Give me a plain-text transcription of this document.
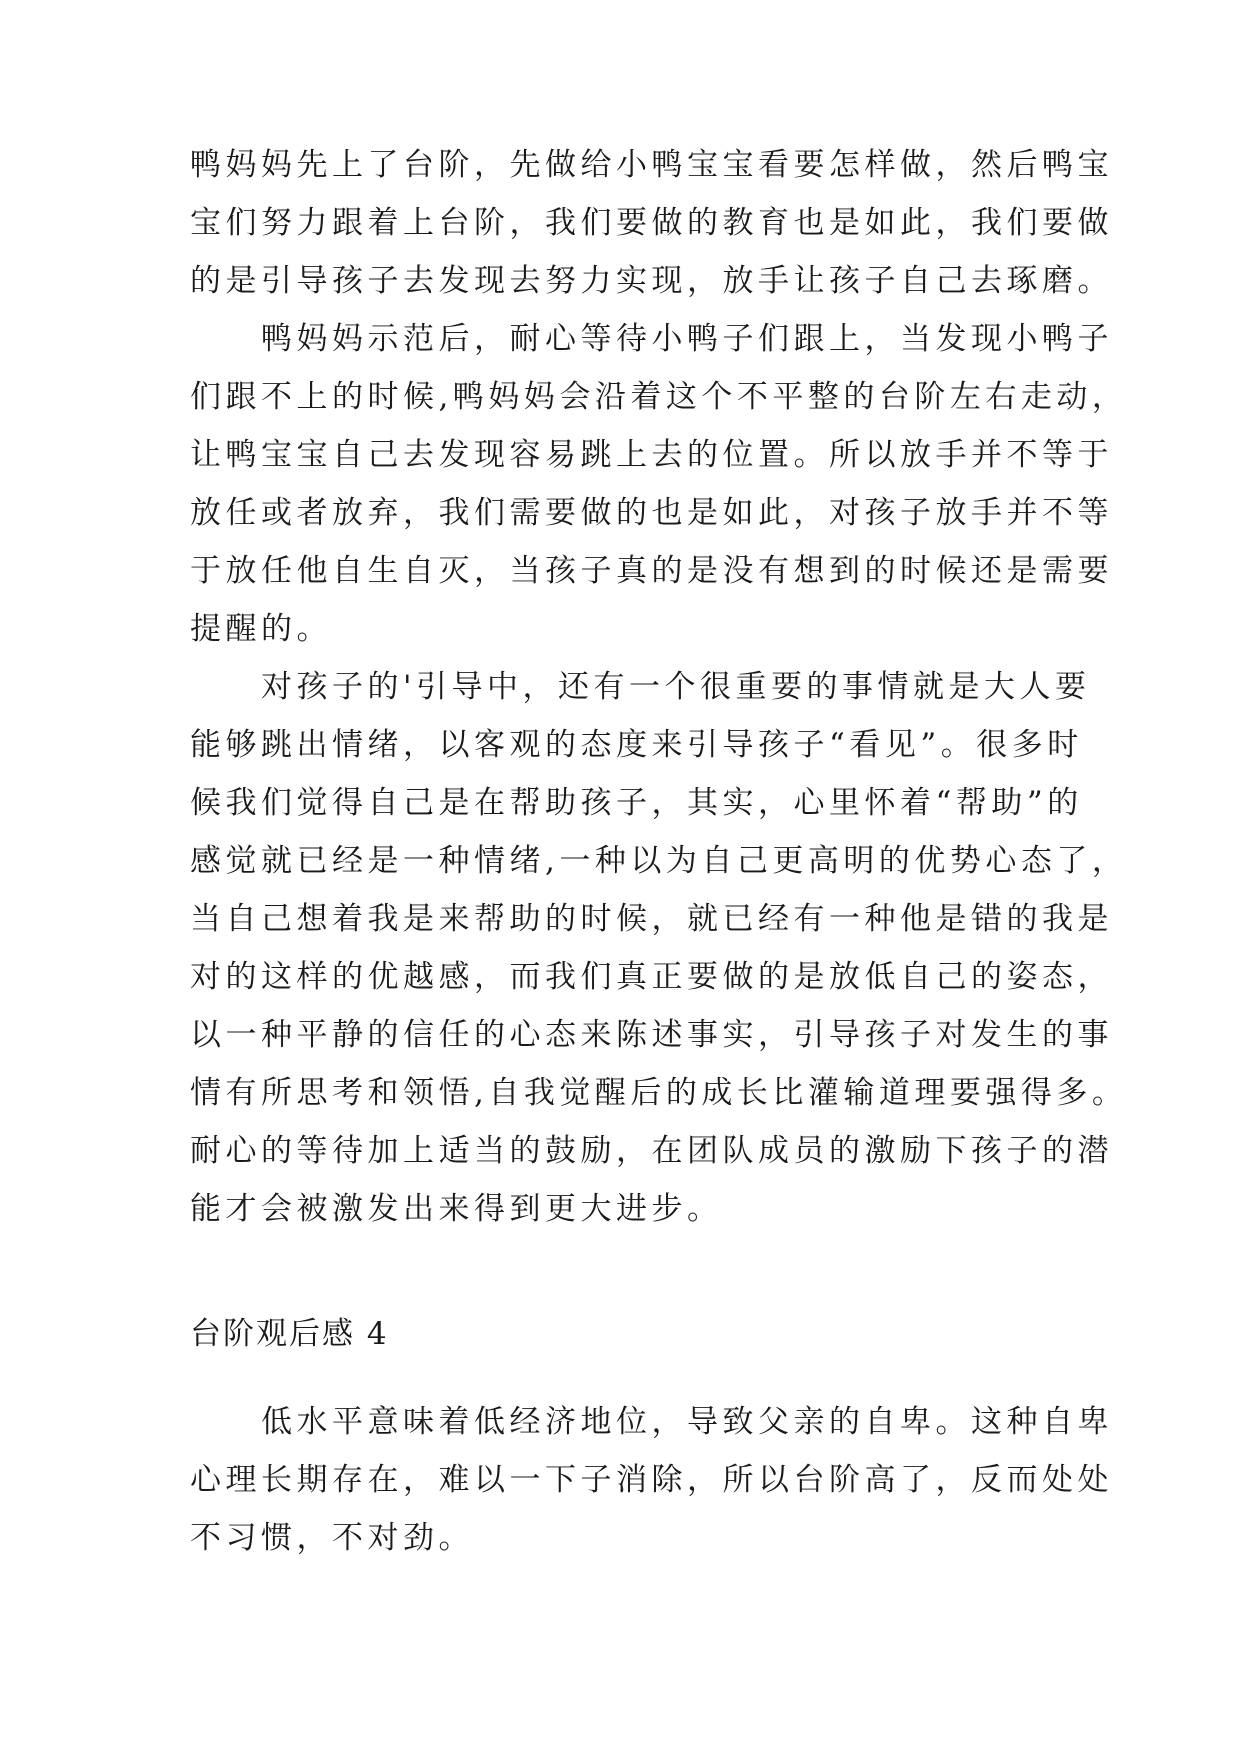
鸭妈妈先上了台阶，先做给小鸭宝宝看要怎样做，然后鸭宝
宝们努力跟着上台阶，我们要做的教育也是如此，我们要做
的是引导孩子去发现去努力实现，放手让孩子自己去琢磨。
　　鸭妈妈示范后，耐心等待小鸭子们跟上，当发现小鸭子
们跟不上的时候,鸭妈妈会沿着这个不平整的台阶左右走动，
让鸭宝宝自己去发现容易跳上去的位置。所以放手并不等于
放任或者放弃，我们需要做的也是如此，对孩子放手并不等
于放任他自生自灭，当孩子真的是没有想到的时候还是需要
提醒的。
　　对孩子的'引导中，还有一个很重要的事情就是大人要
能够跳出情绪，以客观的态度来引导孩子“看见”。很多时
候我们觉得自己是在帮助孩子，其实，心里怀着“帮助”的
感觉就已经是一种情绪,一种以为自己更高明的优势心态了，
当自己想着我是来帮助的时候，就已经有一种他是错的我是
对的这样的优越感，而我们真正要做的是放低自己的姿态，
以一种平静的信任的心态来陈述事实，引导孩子对发生的事
情有所思考和领悟,自我觉醒后的成长比灌输道理要强得多。
耐心的等待加上适当的鼓励，在团队成员的激励下孩子的潜
能才会被激发出来得到更大进步。
台阶观后感 4
　　低水平意味着低经济地位，导致父亲的自卑。这种自卑
心理长期存在，难以一下子消除，所以台阶高了，反而处处
不习惯，不对劲。
